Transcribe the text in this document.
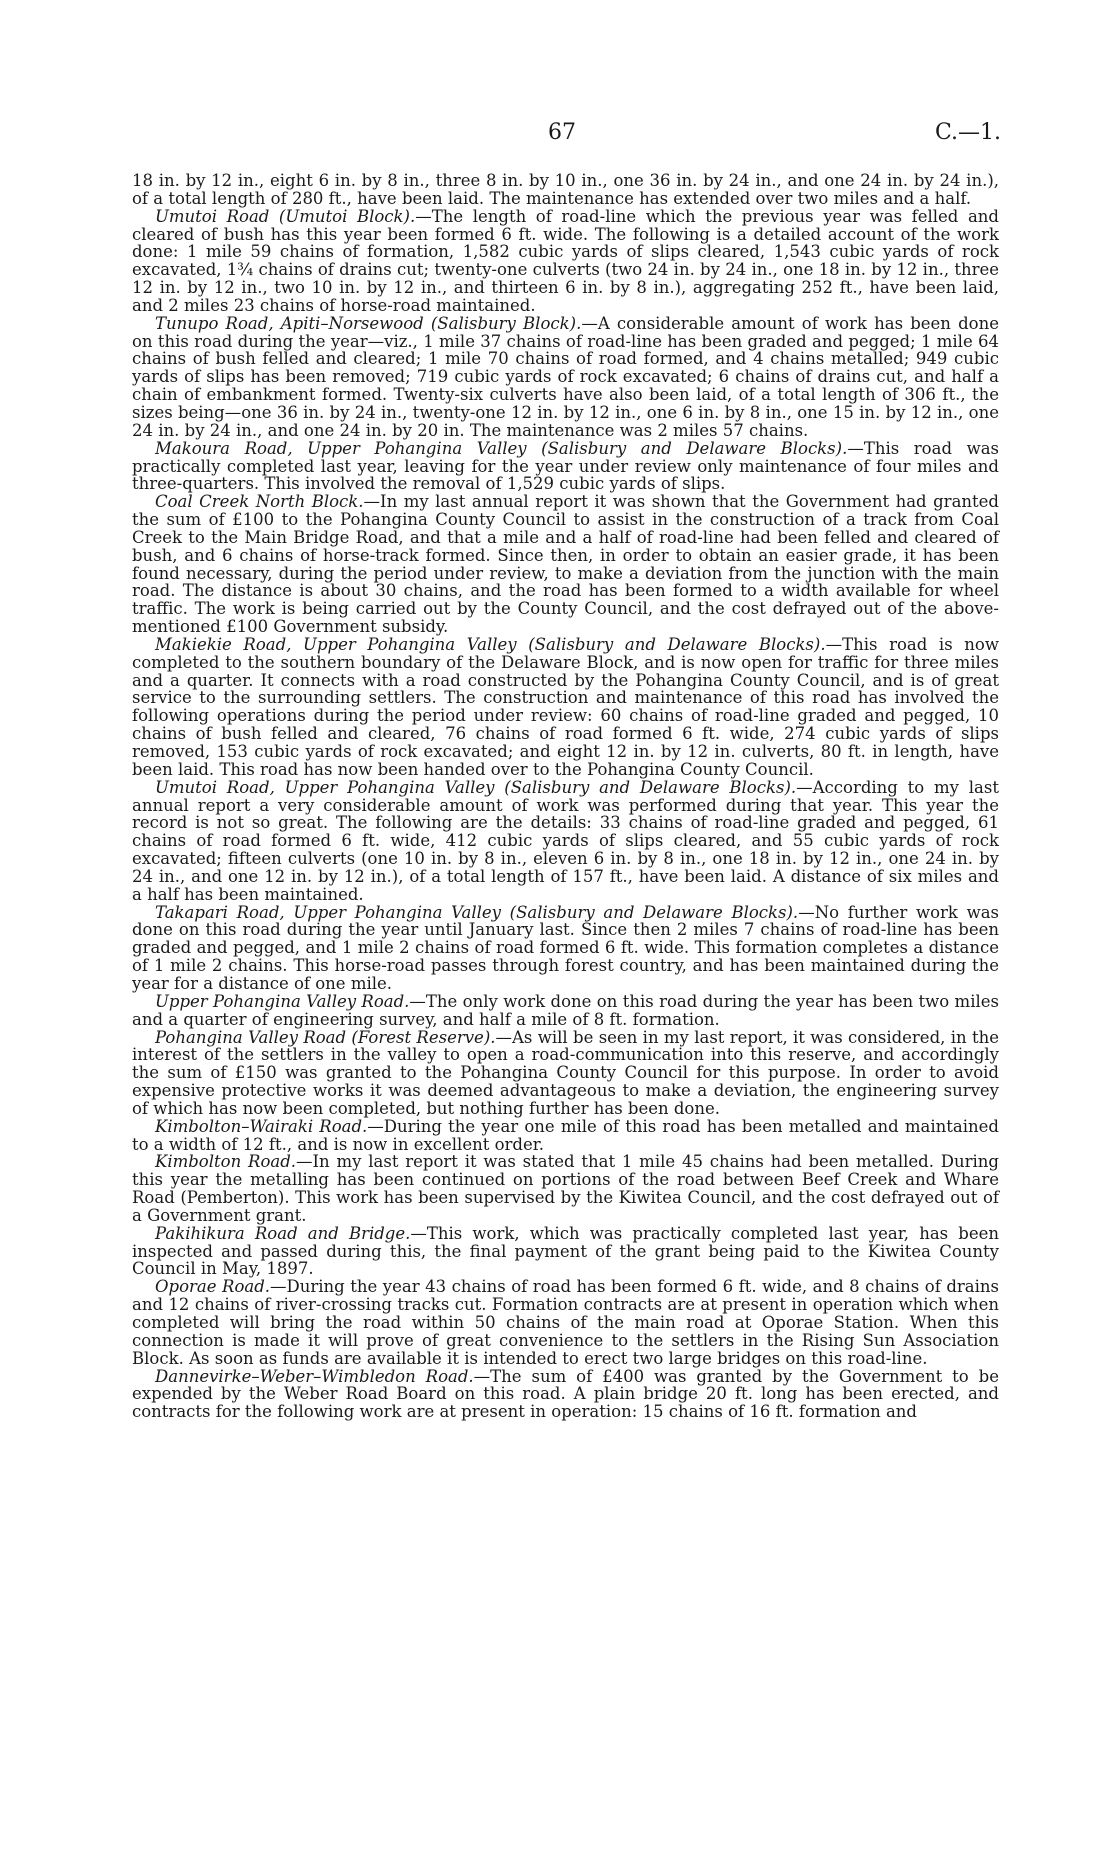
67	C.—1.

18 in. by 12 in., eight 6 in. by 8 in., three 8 in. by 10 in., one 36 in. by 24 in., and one 24 in. by 24 in.), of a total length of 280 ft., have been laid. The maintenance has extended over two miles and a half.

Umutoi Road (Umutoi Block).—The length of road-line which the previous year was felled and cleared of bush has this year been formed 6 ft. wide. The following is a detailed account of the work done: 1 mile 59 chains of formation, 1,582 cubic yards of slips cleared, 1,543 cubic yards of rock excavated, 1¾ chains of drains cut; twenty-one culverts (two 24 in. by 24 in., one 18 in. by 12 in., three 12 in. by 12 in., two 10 in. by 12 in., and thirteen 6 in. by 8 in.), aggregating 252 ft., have been laid, and 2 miles 23 chains of horse-road maintained.

Tunupo Road, Apiti–Norsewood (Salisbury Block).—A considerable amount of work has been done on this road during the year—viz., 1 mile 37 chains of road-line has been graded and pegged; 1 mile 64 chains of bush felled and cleared; 1 mile 70 chains of road formed, and 4 chains metalled; 949 cubic yards of slips has been removed; 719 cubic yards of rock excavated; 6 chains of drains cut, and half a chain of embankment formed. Twenty-six culverts have also been laid, of a total length of 306 ft., the sizes being—one 36 in. by 24 in., twenty-one 12 in. by 12 in., one 6 in. by 8 in., one 15 in. by 12 in., one 24 in. by 24 in., and one 24 in. by 20 in. The maintenance was 2 miles 57 chains.

Makoura Road, Upper Pohangina Valley (Salisbury and Delaware Blocks).—This road was practically completed last year, leaving for the year under review only maintenance of four miles and three-quarters. This involved the removal of 1,529 cubic yards of slips.

Coal Creek North Block.—In my last annual report it was shown that the Government had granted the sum of £100 to the Pohangina County Council to assist in the construction of a track from Coal Creek to the Main Bridge Road, and that a mile and a half of road-line had been felled and cleared of bush, and 6 chains of horse-track formed. Since then, in order to obtain an easier grade, it has been found necessary, during the period under review, to make a deviation from the junction with the main road. The distance is about 30 chains, and the road has been formed to a width available for wheel traffic. The work is being carried out by the County Council, and the cost defrayed out of the above-mentioned £100 Government subsidy.

Makiekie Road, Upper Pohangina Valley (Salisbury and Delaware Blocks).—This road is now completed to the southern boundary of the Delaware Block, and is now open for traffic for three miles and a quarter. It connects with a road constructed by the Pohangina County Council, and is of great service to the surrounding settlers. The construction and maintenance of this road has involved the following operations during the period under review: 60 chains of road-line graded and pegged, 10 chains of bush felled and cleared, 76 chains of road formed 6 ft. wide, 274 cubic yards of slips removed, 153 cubic yards of rock excavated; and eight 12 in. by 12 in. culverts, 80 ft. in length, have been laid. This road has now been handed over to the Pohangina County Council.

Umutoi Road, Upper Pohangina Valley (Salisbury and Delaware Blocks).—According to my last annual report a very considerable amount of work was performed during that year. This year the record is not so great. The following are the details: 33 chains of road-line graded and pegged, 61 chains of road formed 6 ft. wide, 412 cubic yards of slips cleared, and 55 cubic yards of rock excavated; fifteen culverts (one 10 in. by 8 in., eleven 6 in. by 8 in., one 18 in. by 12 in., one 24 in. by 24 in., and one 12 in. by 12 in.), of a total length of 157 ft., have been laid. A distance of six miles and a half has been maintained.

Takapari Road, Upper Pohangina Valley (Salisbury and Delaware Blocks).—No further work was done on this road during the year until January last. Since then 2 miles 7 chains of road-line has been graded and pegged, and 1 mile 2 chains of road formed 6 ft. wide. This formation completes a distance of 1 mile 2 chains. This horse-road passes through forest country, and has been maintained during the year for a distance of one mile.

Upper Pohangina Valley Road.—The only work done on this road during the year has been two miles and a quarter of engineering survey, and half a mile of 8 ft. formation.

Pohangina Valley Road (Forest Reserve).—As will be seen in my last report, it was considered, in the interest of the settlers in the valley to open a road-communication into this reserve, and accordingly the sum of £150 was granted to the Pohangina County Council for this purpose. In order to avoid expensive protective works it was deemed advantageous to make a deviation, the engineering survey of which has now been completed, but nothing further has been done.

Kimbolton–Wairaki Road.—During the year one mile of this road has been metalled and maintained to a width of 12 ft., and is now in excellent order.

Kimbolton Road.—In my last report it was stated that 1 mile 45 chains had been metalled. During this year the metalling has been continued on portions of the road between Beef Creek and Whare Road (Pemberton). This work has been supervised by the Kiwitea Council, and the cost defrayed out of a Government grant.

Pakihikura Road and Bridge.—This work, which was practically completed last year, has been inspected and passed during this, the final payment of the grant being paid to the Kiwitea County Council in May, 1897.

Oporae Road.—During the year 43 chains of road has been formed 6 ft. wide, and 8 chains of drains and 12 chains of river-crossing tracks cut. Formation contracts are at present in operation which when completed will bring the road within 50 chains of the main road at Oporae Station. When this connection is made it will prove of great convenience to the settlers in the Rising Sun Association Block. As soon as funds are available it is intended to erect two large bridges on this road-line.

Dannevirke–Weber–Wimbledon Road.—The sum of £400 was granted by the Government to be expended by the Weber Road Board on this road. A plain bridge 20 ft. long has been erected, and contracts for the following work are at present in operation: 15 chains of 16 ft. formation and
